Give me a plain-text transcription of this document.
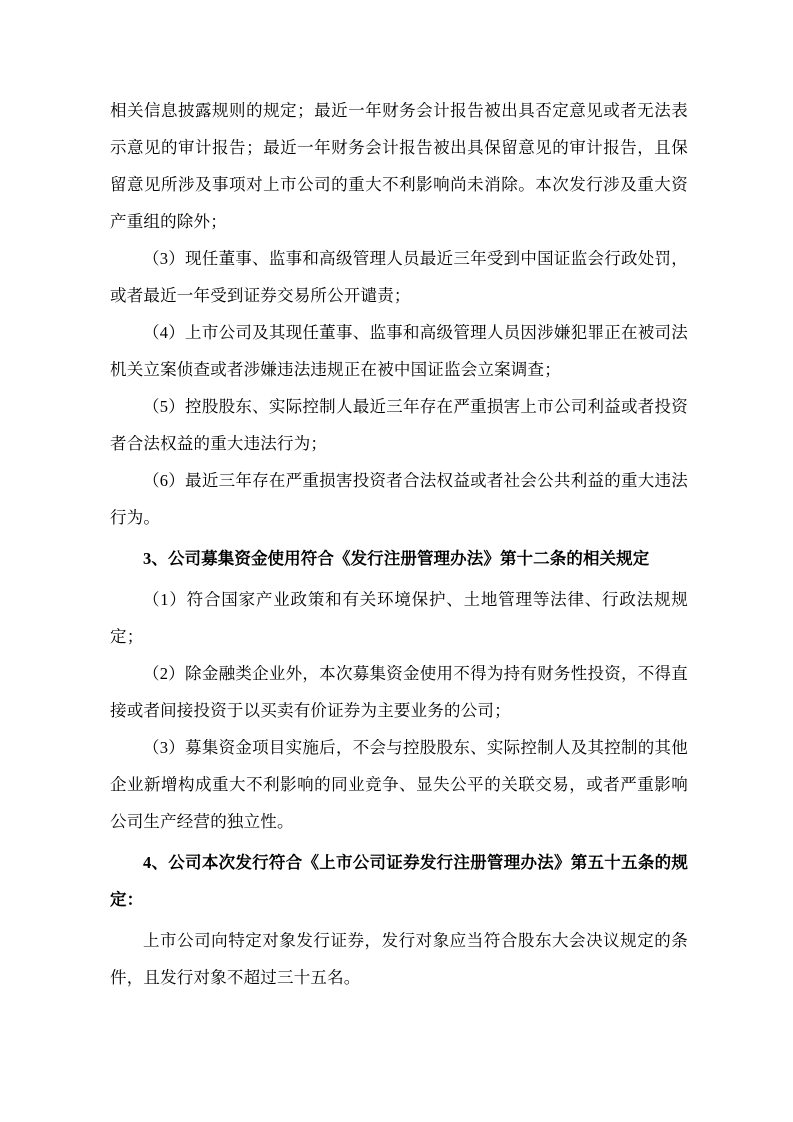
相关信息披露规则的规定；最近一年财务会计报告被出具否定意见或者无法表示意见的审计报告；最近一年财务会计报告被出具保留意见的审计报告，且保留意见所涉及事项对上市公司的重大不利影响尚未消除。本次发行涉及重大资产重组的除外；

（3）现任董事、监事和高级管理人员最近三年受到中国证监会行政处罚，或者最近一年受到证券交易所公开谴责；

（4）上市公司及其现任董事、监事和高级管理人员因涉嫌犯罪正在被司法机关立案侦查或者涉嫌违法违规正在被中国证监会立案调查；

（5）控股股东、实际控制人最近三年存在严重损害上市公司利益或者投资者合法权益的重大违法行为；

（6）最近三年存在严重损害投资者合法权益或者社会公共利益的重大违法行为。

3、公司募集资金使用符合《发行注册管理办法》第十二条的相关规定

（1）符合国家产业政策和有关环境保护、土地管理等法律、行政法规规定；

（2）除金融类企业外，本次募集资金使用不得为持有财务性投资，不得直接或者间接投资于以买卖有价证券为主要业务的公司；

（3）募集资金项目实施后，不会与控股股东、实际控制人及其控制的其他企业新增构成重大不利影响的同业竞争、显失公平的关联交易，或者严重影响公司生产经营的独立性。

4、公司本次发行符合《上市公司证券发行注册管理办法》第五十五条的规定：

上市公司向特定对象发行证券，发行对象应当符合股东大会决议规定的条件，且发行对象不超过三十五名。
